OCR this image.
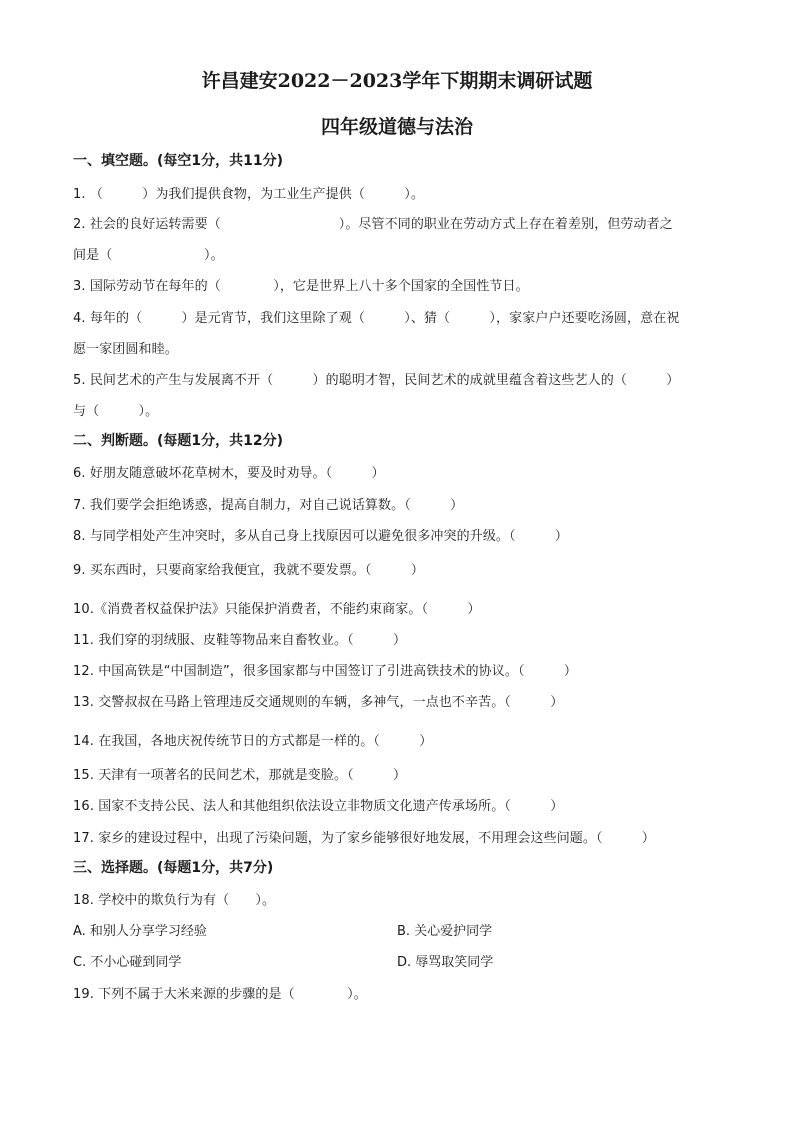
许昌建安2022－2023学年下期期末调研试题
四年级道德与法治
一、填空题。(每空1分，共11分)
1. （　　　）为我们提供食物，为工业生产提供（　　　）。
2. 社会的良好运转需要（　　　　　　　　　）。尽管不同的职业在劳动方式上存在着差别，但劳动者之
间是（　　　　　　　）。
3. 国际劳动节在每年的（　　　　），它是世界上八十多个国家的全国性节日。
4. 每年的（　　　）是元宵节，我们这里除了观（　　　）、猜（　　　），家家户户还要吃汤圆，意在祝
愿一家团圆和睦。
5. 民间艺术的产生与发展离不开（　　　）的聪明才智，民间艺术的成就里蕴含着这些艺人的（　　　）
与（　　　）。
二、判断题。(每题1分，共12分)
6. 好朋友随意破坏花草树木，要及时劝导。（　　　）
7. 我们要学会拒绝诱惑，提高自制力，对自己说话算数。（　　　）
8. 与同学相处产生冲突时，多从自己身上找原因可以避免很多冲突的升级。（　　　）
9. 买东西时，只要商家给我便宜，我就不要发票。（　　　）
10.《消费者权益保护法》只能保护消费者，不能约束商家。（　　　）
11. 我们穿的羽绒服、皮鞋等物品来自畜牧业。（　　　）
12. 中国高铁是“中国制造”，很多国家都与中国签订了引进高铁技术的协议。（　　　）
13. 交警叔叔在马路上管理违反交通规则的车辆，多神气，一点也不辛苦。（　　　）
14. 在我国，各地庆祝传统节日的方式都是一样的。（　　　）
15. 天津有一项著名的民间艺术，那就是变脸。（　　　）
16. 国家不支持公民、法人和其他组织依法设立非物质文化遗产传承场所。（　　　）
17. 家乡的建设过程中，出现了污染问题，为了家乡能够很好地发展，不用理会这些问题。（　　　）
三、选择题。(每题1分，共7分)
18. 学校中的欺负行为有（　　）。
A. 和别人分享学习经验	B. 关心爱护同学
C. 不小心碰到同学	D. 辱骂取笑同学
19. 下列不属于大米来源的步骤的是（　　　　）。
